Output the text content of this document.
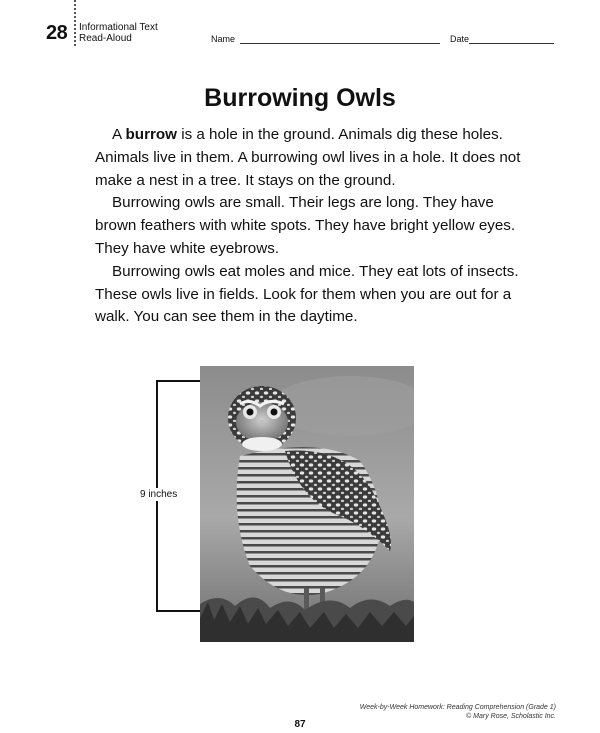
28 Informational Text
Read-Aloud	Name	Date
Burrowing Owls

A burrow is a hole in the ground. Animals dig these holes. Animals live in them. A burrowing owl lives in a hole. It does not make a nest in a tree. It stays on the ground.

Burrowing owls are small. Their legs are long. They have brown feathers with white spots. They have bright yellow eyes. They have white eyebrows.

Burrowing owls eat moles and mice. They eat lots of insects. These owls live in fields. Look for them when you are out for a walk. You can see them in the daytime.

9 inches
Week-by-Week Homework: Reading Comprehension (Grade 1)
© Mary Rose, Scholastic Inc.
87
